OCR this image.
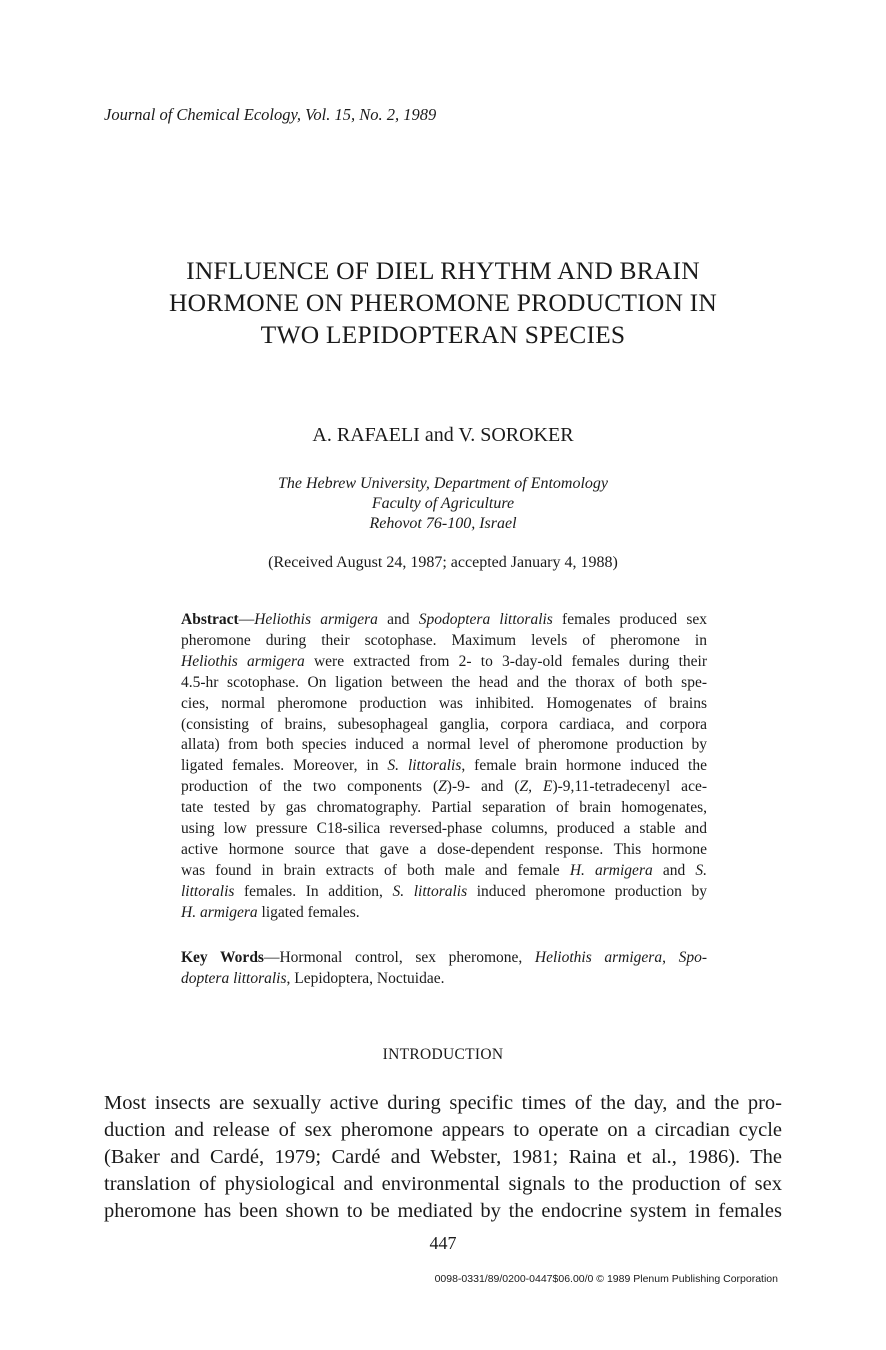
Journal of Chemical Ecology, Vol. 15, No. 2, 1989
INFLUENCE OF DIEL RHYTHM AND BRAIN
HORMONE ON PHEROMONE PRODUCTION IN
TWO LEPIDOPTERAN SPECIES
A. RAFAELI and V. SOROKER
The Hebrew University, Department of Entomology
Faculty of Agriculture
Rehovot 76-100, Israel
(Received August 24, 1987; accepted January 4, 1988)
Abstract—Heliothis armigera and Spodoptera littoralis females produced sex
pheromone during their scotophase. Maximum levels of pheromone in
Heliothis armigera were extracted from 2- to 3-day-old females during their
4.5-hr scotophase. On ligation between the head and the thorax of both spe-
cies, normal pheromone production was inhibited. Homogenates of brains
(consisting of brains, subesophageal ganglia, corpora cardiaca, and corpora
allata) from both species induced a normal level of pheromone production by
ligated females. Moreover, in S. littoralis, female brain hormone induced the
production of the two components (Z)-9- and (Z, E)-9,11-tetradecenyl ace-
tate tested by gas chromatography. Partial separation of brain homogenates,
using low pressure C18-silica reversed-phase columns, produced a stable and
active hormone source that gave a dose-dependent response. This hormone
was found in brain extracts of both male and female H. armigera and S.
littoralis females. In addition, S. littoralis induced pheromone production by
H. armigera ligated females.
Key Words—Hormonal control, sex pheromone, Heliothis armigera, Spo-
doptera littoralis, Lepidoptera, Noctuidae.
INTRODUCTION
Most insects are sexually active during specific times of the day, and the pro-
duction and release of sex pheromone appears to operate on a circadian cycle
(Baker and Cardé, 1979; Cardé and Webster, 1981; Raina et al., 1986). The
translation of physiological and environmental signals to the production of sex
pheromone has been shown to be mediated by the endocrine system in females
447
0098-0331/89/0200-0447$06.00/0 © 1989 Plenum Publishing Corporation
